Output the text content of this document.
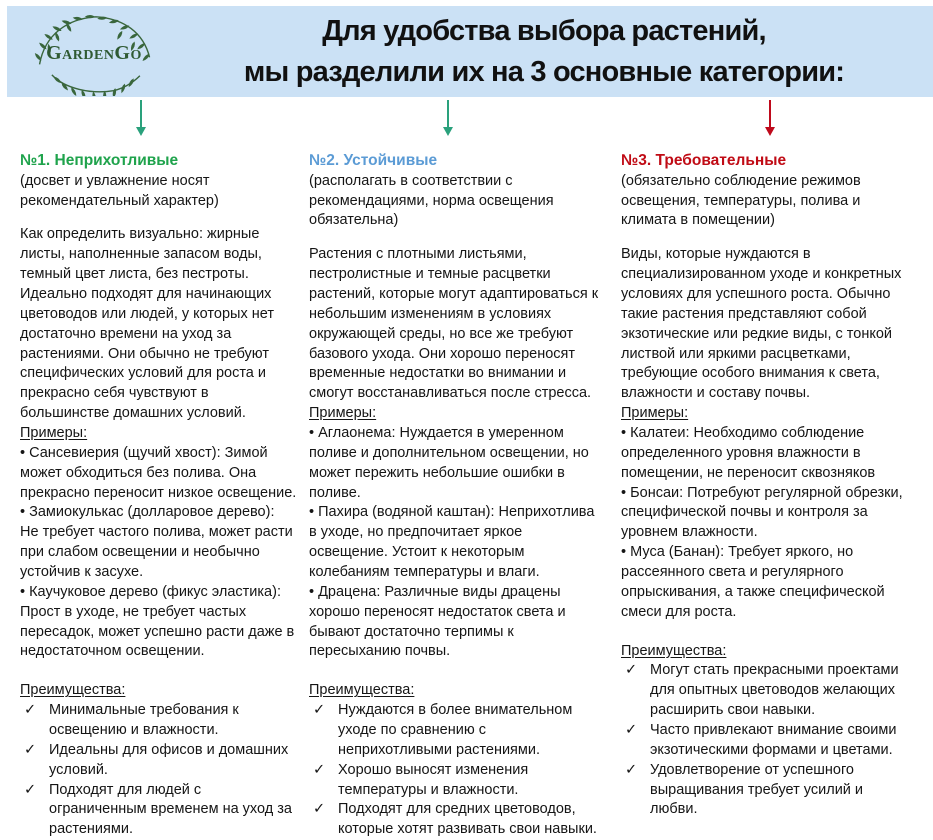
GardenGo
Для удобства выбора растений,
мы разделили их на 3 основные категории:
№1. Неприхотливые

(досвет и увлажнение носят рекомендательный характер)

Как определить визуально: жирные листы, наполненные запасом воды, темный цвет листа, без пестроты. Идеально подходят для начинающих цветоводов или людей, у которых нет достаточно времени на уход за растениями. Они обычно не требуют специфических условий для роста и прекрасно себя чувствуют в большинстве домашних условий.

Примеры:

• Сансевиерия (щучий хвост): Зимой может обходиться без полива. Она прекрасно переносит низкое освещение.

• Замиокулькас (долларовое дерево): Не требует частого полива, может расти при слабом освещении и необычно устойчив к засухе.

• Каучуковое дерево (фикус эластика): Прост в уходе, не требует частых пересадок, может успешно расти даже в недостаточном освещении.

Преимущества:
✓ Минимальные требования к освещению и влажности.
✓ Идеальны для офисов и домашних условий.
✓ Подходят для людей с ограниченным временем на уход за растениями.
№2. Устойчивые

(располагать в соответствии с рекомендациями, норма освещения обязательна)

Растения с плотными листьями, пестролистные и темные расцветки растений, которые могут адаптироваться к небольшим изменениям в условиях окружающей среды, но все же требуют базового ухода. Они хорошо переносят временные недостатки во внимании и смогут восстанавливаться после стресса.

Примеры:

• Аглаонема: Нуждается в умеренном поливе и дополнительном освещении, но может пережить небольшие ошибки в поливе.

• Пахира (водяной каштан): Неприхотлива в уходе, но предпочитает яркое освещение. Устоит к некоторым колебаниям температуры и влаги.

• Драцена: Различные виды драцены хорошо переносят недостаток света и бывают достаточно терпимы к пересыханию почвы.

Преимущества:
✓ Нуждаются в более внимательном уходе по сравнению с неприхотливыми растениями.
✓ Хорошо выносят изменения температуры и влажности.
✓ Подходят для средних цветоводов, которые хотят развивать свои навыки.
№3. Требовательные

(обязательно соблюдение режимов освещения, температуры, полива и климата в помещении)

Виды, которые нуждаются в специализированном уходе и конкретных условиях для успешного роста. Обычно такие растения представляют собой экзотические или редкие виды, с тонкой листвой или яркими расцветками, требующие особого внимания к света, влажности и составу почвы.

Примеры:

• Калатеи: Необходимо соблюдение определенного уровня влажности в помещении, не переносит сквозняков

• Бонсаи: Потребуют регулярной обрезки, специфической почвы и контроля за уровнем влажности.

• Муса (Банан): Требует яркого, но рассеянного света и регулярного опрыскивания, а также специфической смеси для роста.

Преимущества:
✓ Могут стать прекрасными проектами для опытных цветоводов желающих расширить свои навыки.
✓ Часто привлекают внимание своими экзотическими формами и цветами.
✓ Удовлетворение от успешного выращивания требует усилий и любви.
